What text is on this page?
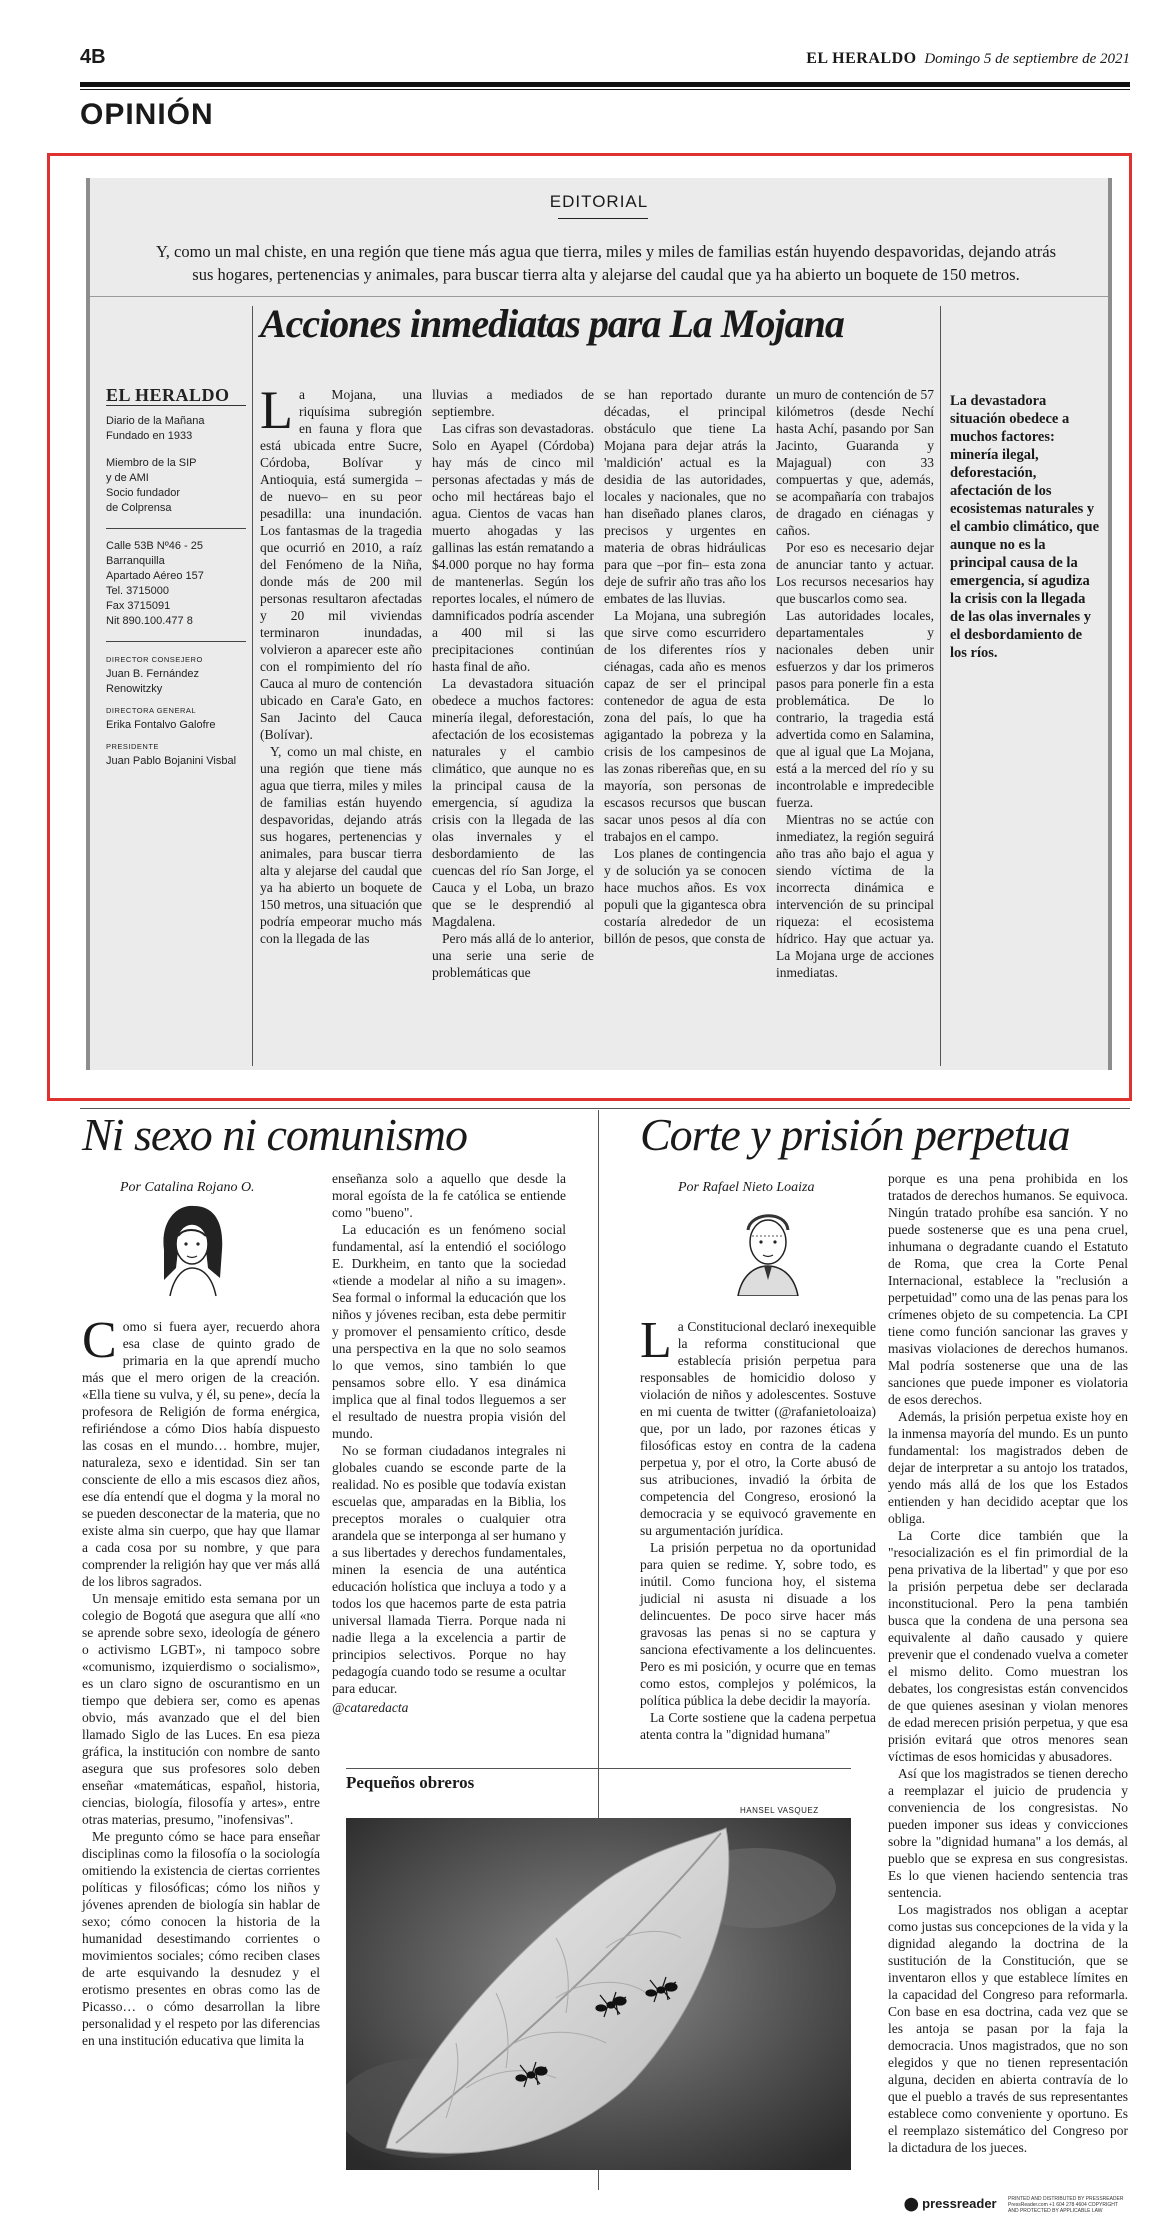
4B	EL HERALDO Domingo 5 de septiembre de 2021
OPINIÓN
EDITORIAL
Y, como un mal chiste, en una región que tiene más agua que tierra, miles y miles de familias están huyendo despavoridas, dejando atrás sus hogares, pertenencias y animales, para buscar tierra alta y alejarse del caudal que ya ha abierto un boquete de 150 metros.
Acciones inmediatas para La Mojana
EL HERALDO
Diario de la Mañana
Fundado en 1933
Miembro de la SIP
y de AMI
Socio fundador
de Colprensa
Calle 53B Nº46 - 25
Barranquilla
Apartado Aéreo 157
Tel. 3715000
Fax 3715091
Nit 890.100.477 8
DIRECTOR CONSEJERO
Juan B. Fernández Renowitzky
DIRECTORA GENERAL
Erika Fontalvo Galofre
PRESIDENTE
Juan Pablo Bojanini Visbal

La Mojana, una riquísima subregión en fauna y flora que está ubicada entre Sucre, Córdoba, Bolívar y Antioquia, está sumergida –de nuevo– en su peor pesadilla: una inundación. Los fantasmas de la tragedia que ocurrió en 2010, a raíz del Fenómeno de la Niña, donde más de 200 mil personas resultaron afectadas y 20 mil viviendas terminaron inundadas, volvieron a aparecer este año con el rompimiento del río Cauca al muro de contención ubicado en Cara'e Gato, en San Jacinto del Cauca (Bolívar).

Y, como un mal chiste, en una región que tiene más agua que tierra, miles y miles de familias están huyendo despavoridas, dejando atrás sus hogares, pertenencias y animales, para buscar tierra alta y alejarse del caudal que ya ha abierto un boquete de 150 metros, una situación que podría empeorar mucho más con la llegada de las

lluvias a mediados de septiembre.

Las cifras son devastadoras. Solo en Ayapel (Córdoba) hay más de cinco mil personas afectadas y más de ocho mil hectáreas bajo el agua. Cientos de vacas han muerto ahogadas y las gallinas las están rematando a $4.000 porque no hay forma de mantenerlas. Según los reportes locales, el número de damnificados podría ascender a 400 mil si las precipitaciones continúan hasta final de año.

La devastadora situación obedece a muchos factores: minería ilegal, deforestación, afectación de los ecosistemas naturales y el cambio climático, que aunque no es la principal causa de la emergencia, sí agudiza la crisis con la llegada de las olas invernales y el desbordamiento de las cuencas del río San Jorge, el Cauca y el Loba, un brazo que se le desprendió al Magdalena.

Pero más allá de lo anterior, una serie una serie de problemáticas que

se han reportado durante décadas, el principal obstáculo que tiene La Mojana para dejar atrás la 'maldición' actual es la desidia de las autoridades, locales y nacionales, que no han diseñado planes claros, precisos y urgentes en materia de obras hidráulicas para que –por fin– esta zona deje de sufrir año tras año los embates de las lluvias.

La Mojana, una subregión que sirve como escurridero de los diferentes ríos y ciénagas, cada año es menos capaz de ser el principal contenedor de agua de esta zona del país, lo que ha agigantado la pobreza y la crisis de los campesinos de las zonas ribereñas que, en su mayoría, son personas de escasos recursos que buscan sacar unos pesos al día con trabajos en el campo.

Los planes de contingencia y de solución ya se conocen hace muchos años. Es vox populi que la gigantesca obra costaría alrededor de un billón de pesos, que consta de

un muro de contención de 57 kilómetros (desde Nechí hasta Achí, pasando por San Jacinto, Guaranda y Majagual) con 33 compuertas y que, además, se acompañaría con trabajos de dragado en ciénagas y caños.

Por eso es necesario dejar de anunciar tanto y actuar. Los recursos necesarios hay que buscarlos como sea.

Las autoridades locales, departamentales y nacionales deben unir esfuerzos y dar los primeros pasos para ponerle fin a esta problemática. De lo contrario, la tragedia está advertida como en Salamina, que al igual que La Mojana, está a la merced del río y su incontrolable e impredecible fuerza.

Mientras no se actúe con inmediatez, la región seguirá año tras año bajo el agua y siendo víctima de la incorrecta dinámica e intervención de su principal riqueza: el ecosistema hídrico. Hay que actuar ya. La Mojana urge de acciones inmediatas.

La devastadora situación obedece a muchos factores: minería ilegal, deforestación, afectación de los ecosistemas naturales y el cambio climático, que aunque no es la principal causa de la emergencia, sí agudiza la crisis con la llegada de las olas invernales y el desbordamiento de los ríos.
Ni sexo ni comunismo
Por Catalina Rojano O.

Como si fuera ayer, recuerdo ahora esa clase de quinto grado de primaria en la que aprendí mucho más que el mero origen de la creación. «Ella tiene su vulva, y él, su pene», decía la profesora de Religión de forma enérgica, refiriéndose a cómo Dios había dispuesto las cosas en el mundo… hombre, mujer, naturaleza, sexo e identidad. Sin ser tan consciente de ello a mis escasos diez años, ese día entendí que el dogma y la moral no se pueden desconectar de la materia, que no existe alma sin cuerpo, que hay que llamar a cada cosa por su nombre, y que para comprender la religión hay que ver más allá de los libros sagrados.

Un mensaje emitido esta semana por un colegio de Bogotá que asegura que allí «no se aprende sobre sexo, ideología de género o activismo LGBT», ni tampoco sobre «comunismo, izquierdismo o socialismo», es un claro signo de oscurantismo en un tiempo que debiera ser, como es apenas obvio, más avanzado que el del bien llamado Siglo de las Luces. En esa pieza gráfica, la institución con nombre de santo asegura que sus profesores solo deben enseñar «matemáticas, español, historia, ciencias, biología, filosofía y artes», entre otras materias, presumo, "inofensivas".

Me pregunto cómo se hace para enseñar disciplinas como la filosofía o la sociología omitiendo la existencia de ciertas corrientes políticas y filosóficas; cómo los niños y jóvenes aprenden de biología sin hablar de sexo; cómo conocen la historia de la humanidad desestimando corrientes o movimientos sociales; cómo reciben clases de arte esquivando la desnudez y el erotismo presentes en obras como las de Picasso… o cómo desarrollan la libre personalidad y el respeto por las diferencias en una institución educativa que limita la

enseñanza solo a aquello que desde la moral egoísta de la fe católica se entiende como "bueno".

La educación es un fenómeno social fundamental, así la entendió el sociólogo E. Durkheim, en tanto que la sociedad «tiende a modelar al niño a su imagen». Sea formal o informal la educación que los niños y jóvenes reciban, esta debe permitir y promover el pensamiento crítico, desde una perspectiva en la que no solo seamos lo que vemos, sino también lo que pensamos sobre ello. Y esa dinámica implica que al final todos lleguemos a ser el resultado de nuestra propia visión del mundo.

No se forman ciudadanos integrales ni globales cuando se esconde parte de la realidad. No es posible que todavía existan escuelas que, amparadas en la Biblia, los preceptos morales o cualquier otra arandela que se interponga al ser humano y a sus libertades y derechos fundamentales, minen la esencia de una auténtica educación holística que incluya a todo y a todos los que hacemos parte de esta patria universal llamada Tierra. Porque nada ni nadie llega a la excelencia a partir de principios selectivos. Porque no hay pedagogía cuando todo se resume a ocultar para educar.

@cataredacta

Corte y prisión perpetua
Por Rafael Nieto Loaiza

La Constitucional declaró inexequible la reforma constitucional que establecía prisión perpetua para responsables de homicidio doloso y violación de niños y adolescentes. Sostuve en mi cuenta de twitter (@rafanietoloaiza) que, por un lado, por razones éticas y filosóficas estoy en contra de la cadena perpetua y, por el otro, la Corte abusó de sus atribuciones, invadió la órbita de competencia del Congreso, erosionó la democracia y se equivocó gravemente en su argumentación jurídica.

La prisión perpetua no da oportunidad para quien se redime. Y, sobre todo, es inútil. Como funciona hoy, el sistema judicial ni asusta ni disuade a los delincuentes. De poco sirve hacer más gravosas las penas si no se captura y sanciona efectivamente a los delincuentes. Pero es mi posición, y ocurre que en temas como estos, complejos y polémicos, la política pública la debe decidir la mayoría.

La Corte sostiene que la cadena perpetua atenta contra la "dignidad humana"

porque es una pena prohibida en los tratados de derechos humanos. Se equivoca. Ningún tratado prohíbe esa sanción. Y no puede sostenerse que es una pena cruel, inhumana o degradante cuando el Estatuto de Roma, que crea la Corte Penal Internacional, establece la "reclusión a perpetuidad" como una de las penas para los crímenes objeto de su competencia. La CPI tiene como función sancionar las graves y masivas violaciones de derechos humanos. Mal podría sostenerse que una de las sanciones que puede imponer es violatoria de esos derechos.

Además, la prisión perpetua existe hoy en la inmensa mayoría del mundo. Es un punto fundamental: los magistrados deben de dejar de interpretar a su antojo los tratados, yendo más allá de los que los Estados entienden y han decidido aceptar que los obliga.

La Corte dice también que la "resocialización es el fin primordial de la pena privativa de la libertad" y que por eso la prisión perpetua debe ser declarada inconstitucional. Pero la pena también busca que la condena de una persona sea equivalente al daño causado y quiere prevenir que el condenado vuelva a cometer el mismo delito. Como muestran los debates, los congresistas están convencidos de que quienes asesinan y violan menores de edad merecen prisión perpetua, y que esa prisión evitará que otros menores sean víctimas de esos homicidas y abusadores.

Así que los magistrados se tienen derecho a reemplazar el juicio de prudencia y conveniencia de los congresistas. No pueden imponer sus ideas y convicciones sobre la "dignidad humana" a los demás, al pueblo que se expresa en sus congresistas. Es lo que vienen haciendo sentencia tras sentencia.

Los magistrados nos obligan a aceptar como justas sus concepciones de la vida y la dignidad alegando la doctrina de la sustitución de la Constitución, que se inventaron ellos y que establece límites en la capacidad del Congreso para reformarla. Con base en esa doctrina, cada vez que se les antoja se pasan por la faja la democracia. Unos magistrados, que no son elegidos y que no tienen representación alguna, deciden en abierta contravía de lo que el pueblo a través de sus representantes establece como conveniente y oportuno. Es el reemplazo sistemático del Congreso por la dictadura de los jueces.

Pequeños obreros
HANSEL VASQUEZ
⬤ pressreader PRINTED AND DISTRIBUTED BY PRESSREADER PressReader.com +1 604 278 4604 COPYRIGHT AND PROTECTED BY APPLICABLE LAW
